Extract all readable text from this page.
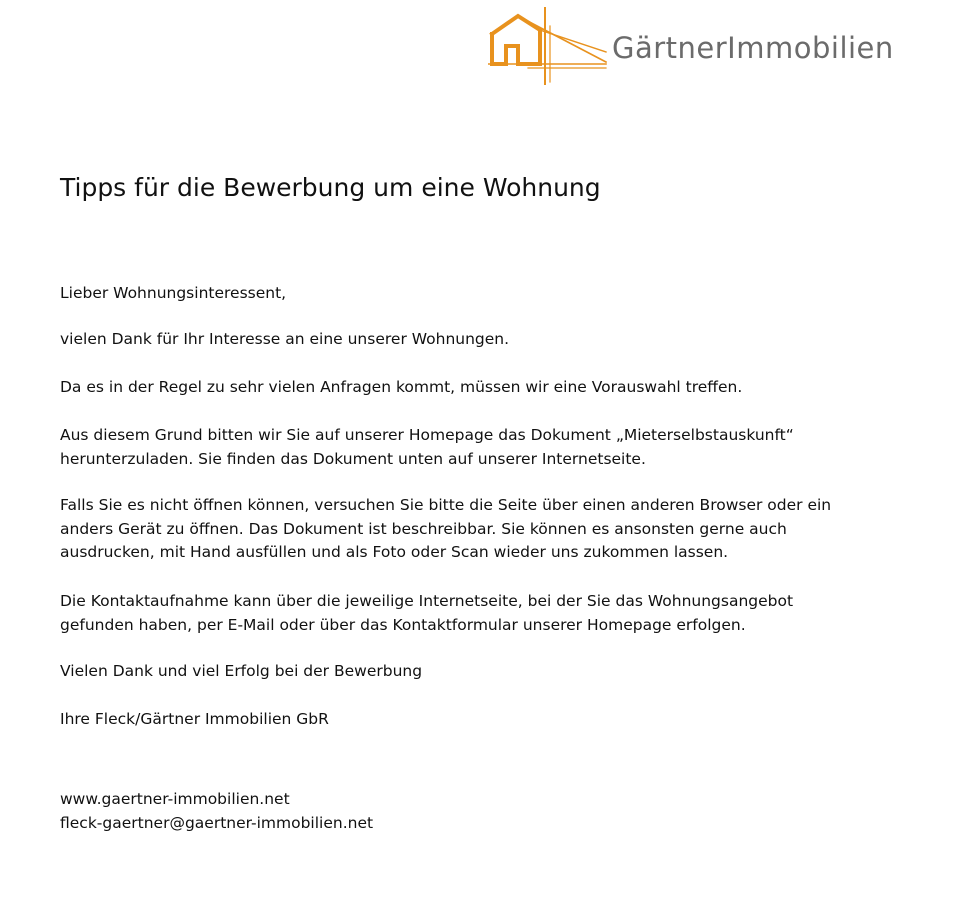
GärtnerImmobilien
Tipps für die Bewerbung um eine Wohnung

Lieber Wohnungsinteressent,

vielen Dank für Ihr Interesse an eine unserer Wohnungen.

Da es in der Regel zu sehr vielen Anfragen kommt, müssen wir eine Vorauswahl treffen.

Aus diesem Grund bitten wir Sie auf unserer Homepage das Dokument „Mieterselbstauskunft“
herunterzuladen. Sie finden das Dokument unten auf unserer Internetseite.

Falls Sie es nicht öffnen können, versuchen Sie bitte die Seite über einen anderen Browser oder ein
anders Gerät zu öffnen. Das Dokument ist beschreibbar. Sie können es ansonsten gerne auch
ausdrucken, mit Hand ausfüllen und als Foto oder Scan wieder uns zukommen lassen.

Die Kontaktaufnahme kann über die jeweilige Internetseite, bei der Sie das Wohnungsangebot
gefunden haben, per E-Mail oder über das Kontaktformular unserer Homepage erfolgen.

Vielen Dank und viel Erfolg bei der Bewerbung

Ihre Fleck/Gärtner Immobilien GbR

www.gaertner-immobilien.net
fleck-gaertner@gaertner-immobilien.net
